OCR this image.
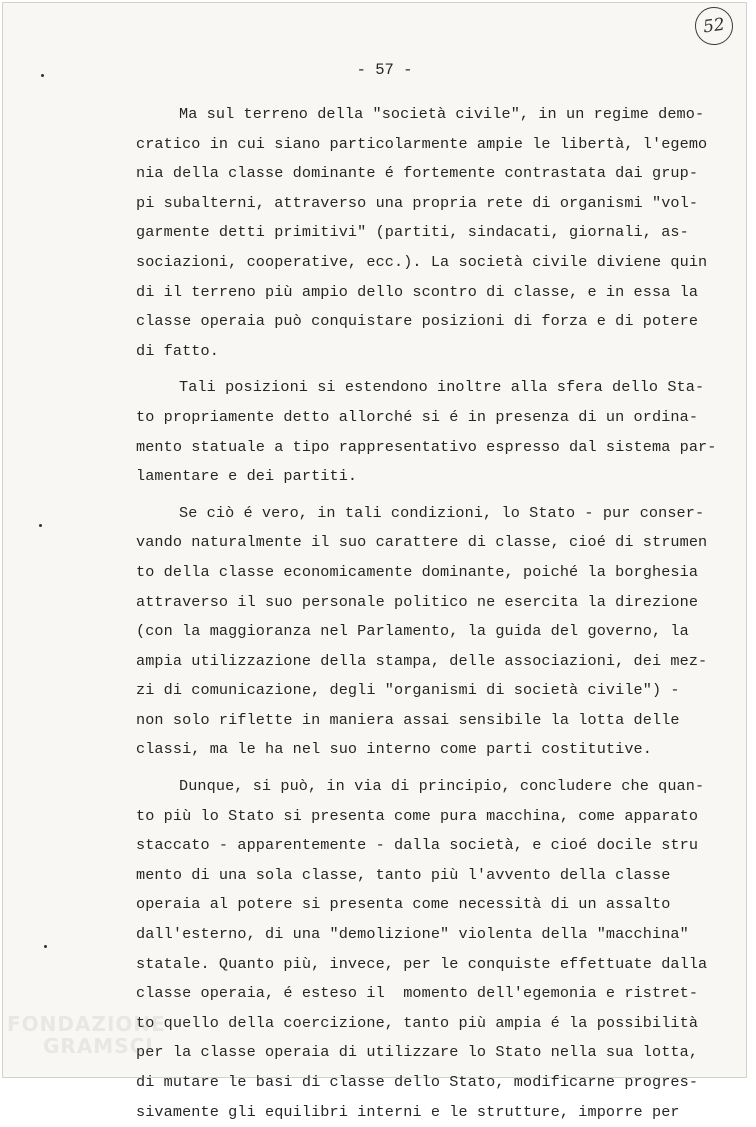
52
- 57 -
Ma sul terreno della "società civile", in un regime demo-
cratico in cui siano particolarmente ampie le libertà, l'egemo
nia della classe dominante é fortemente contrastata dai grup-
pi subalterni, attraverso una propria rete di organismi "vol-
garmente detti primitivi" (partiti, sindacati, giornali, as-
sociazioni, cooperative, ecc.). La società civile diviene quin
di il terreno più ampio dello scontro di classe, e in essa la
classe operaia può conquistare posizioni di forza e di potere
di fatto.
Tali posizioni si estendono inoltre alla sfera dello Sta-
to propriamente detto allorché si é in presenza di un ordina-
mento statuale a tipo rappresentativo espresso dal sistema par-
lamentare e dei partiti.
Se ciò é vero, in tali condizioni, lo Stato - pur conser-
vando naturalmente il suo carattere di classe, cioé di strumen
to della classe economicamente dominante, poiché la borghesia
attraverso il suo personale politico ne esercita la direzione
(con la maggioranza nel Parlamento, la guida del governo, la
ampia utilizzazione della stampa, delle associazioni, dei mez-
zi di comunicazione, degli "organismi di società civile") -
non solo riflette in maniera assai sensibile la lotta delle
classi, ma le ha nel suo interno come parti costitutive.
Dunque, si può, in via di principio, concludere che quan-
to più lo Stato si presenta come pura macchina, come apparato
staccato - apparentemente - dalla società, e cioé docile stru
mento di una sola classe, tanto più l'avvento della classe
operaia al potere si presenta come necessità di un assalto
dall'esterno, di una "demolizione" violenta della "macchina"
statale. Quanto più, invece, per le conquiste effettuate dalla
classe operaia, é esteso il  momento dell'egemonia e ristret-
to quello della coercizione, tanto più ampia é la possibilità
per la classe operaia di utilizzare lo Stato nella sua lotta,
di mutare le basi di classe dello Stato, modificarne progres-
sivamente gli equilibri interni e le strutture, imporre per
FONDAZIONE
GRAMSCI
